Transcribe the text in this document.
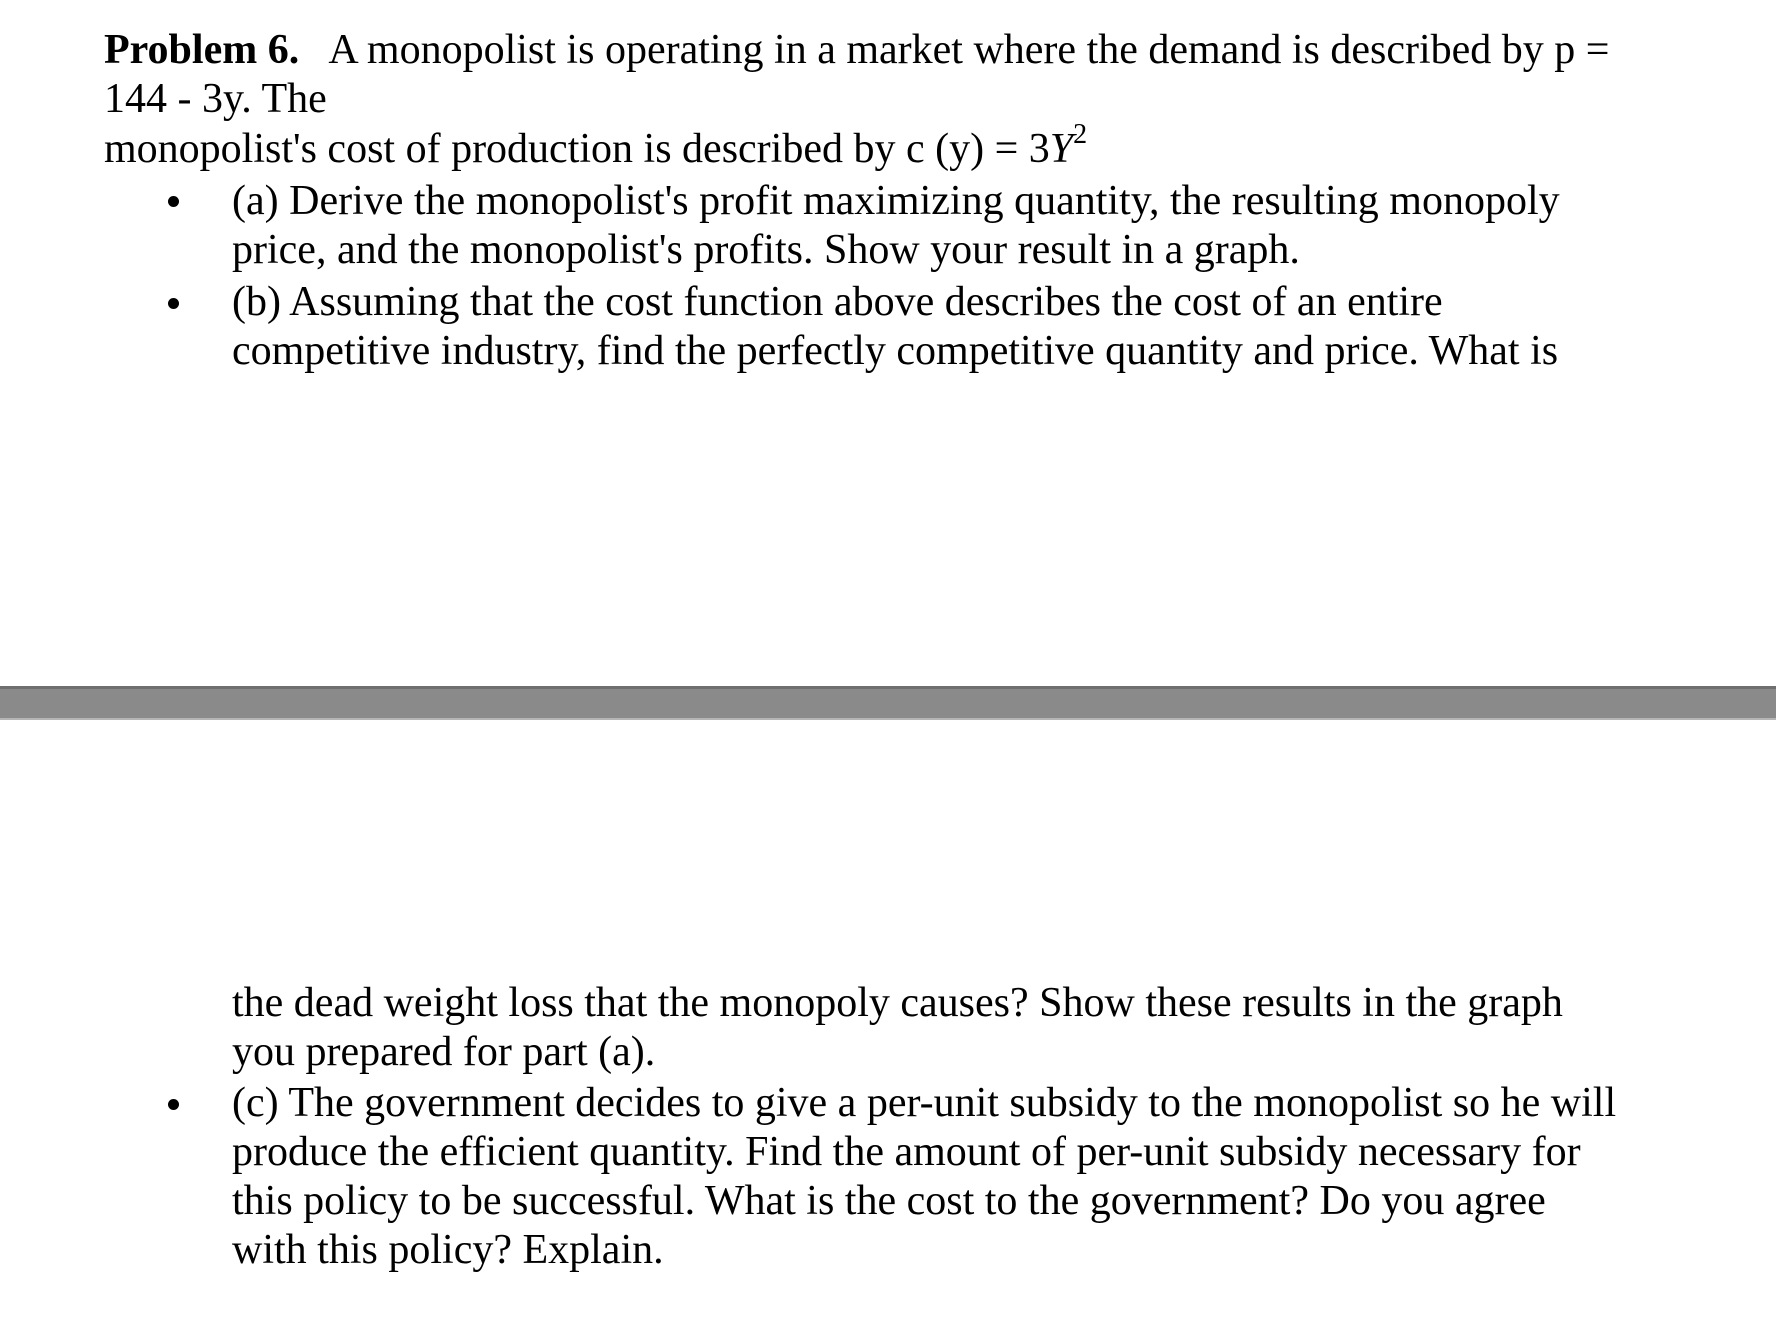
Problem 6. A monopolist is operating in a market where the demand is described by p =
144 - 3y. The
monopolist's cost of production is described by c $(y) = 3Y^2$
(a) Derive the monopolist's profit maximizing quantity, the resulting monopoly
price, and the monopolist's profits. Show your result in a graph.
(b) Assuming that the cost function above describes the cost of an entire
competitive industry, find the perfectly competitive quantity and price. What is
the dead weight loss that the monopoly causes? Show these results in the graph
you prepared for part (a).
(c) The government decides to give a per-unit subsidy to the monopolist so he will
produce the efficient quantity. Find the amount of per-unit subsidy necessary for
this policy to be successful. What is the cost to the government? Do you agree
with this policy? Explain.
